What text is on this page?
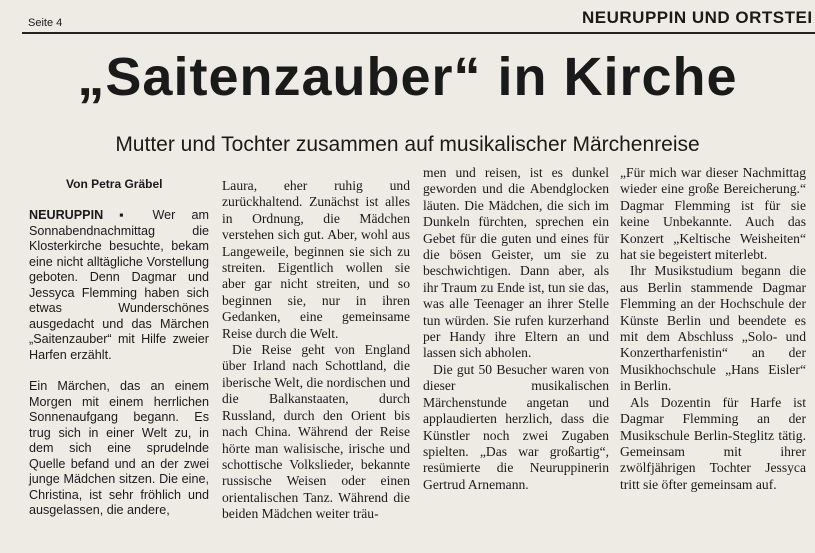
Seite 4	NEURUPPIN UND ORTSTEI
„Saitenzauber“ in Kirche
Mutter und Tochter zusammen auf musikalischer Märchenreise
Von Petra Gräbel

NEURUPPIN ▪ Wer am Sonnabendnachmittag die Klosterkirche besuchte, bekam eine nicht alltägliche Vorstellung geboten. Denn Dagmar und Jessyca Flemming haben sich etwas Wunderschönes ausgedacht und das Märchen „Saitenzauber“ mit Hilfe zweier Harfen erzählt.

Ein Märchen, das an einem Morgen mit einem herrlichen Sonnenaufgang begann. Es trug sich in einer Welt zu, in dem sich eine sprudelnde Quelle befand und an der zwei junge Mädchen sitzen. Die eine, Christina, ist sehr fröhlich und ausgelassen, die andere,

Laura, eher ruhig und zurückhaltend. Zunächst ist alles in Ordnung, die Mädchen verstehen sich gut. Aber, wohl aus Langeweile, beginnen sie sich zu streiten. Eigentlich wollen sie aber gar nicht streiten, und so beginnen sie, nur in ihren Gedanken, eine gemeinsame Reise durch die Welt.

Die Reise geht von England über Irland nach Schottland, die iberische Welt, die nordischen und die Balkanstaaten, durch Russland, durch den Orient bis nach China. Während der Reise hörte man walisische, irische und schottische Volkslieder, bekannte russische Weisen oder einen orientalischen Tanz. Während die beiden Mädchen weiter träu-

men und reisen, ist es dunkel geworden und die Abendglocken läuten. Die Mädchen, die sich im Dunkeln fürchten, sprechen ein Gebet für die guten und eines für die bösen Geister, um sie zu beschwichtigen. Dann aber, als ihr Traum zu Ende ist, tun sie das, was alle Teenager an ihrer Stelle tun würden. Sie rufen kurzerhand per Handy ihre Eltern an und lassen sich abholen.

Die gut 50 Besucher waren von dieser musikalischen Märchenstunde angetan und applaudierten herzlich, dass die Künstler noch zwei Zugaben spielten. „Das war großartig“, resümierte die Neuruppinerin Gertrud Arnemann.

„Für mich war dieser Nachmittag wieder eine große Bereicherung.“ Dagmar Flemming ist für sie keine Unbekannte. Auch das Konzert „Keltische Weisheiten“ hat sie begeistert miterlebt.

Ihr Musikstudium begann die aus Berlin stammende Dagmar Flemming an der Hochschule der Künste Berlin und beendete es mit dem Abschluss „Solo- und Konzertharfenistin“ an der Musikhochschule „Hans Eisler“ in Berlin.

Als Dozentin für Harfe ist Dagmar Flemming an der Musikschule Berlin-Steglitz tätig. Gemeinsam mit ihrer zwölfjährigen Tochter Jessyca tritt sie öfter gemeinsam auf.
